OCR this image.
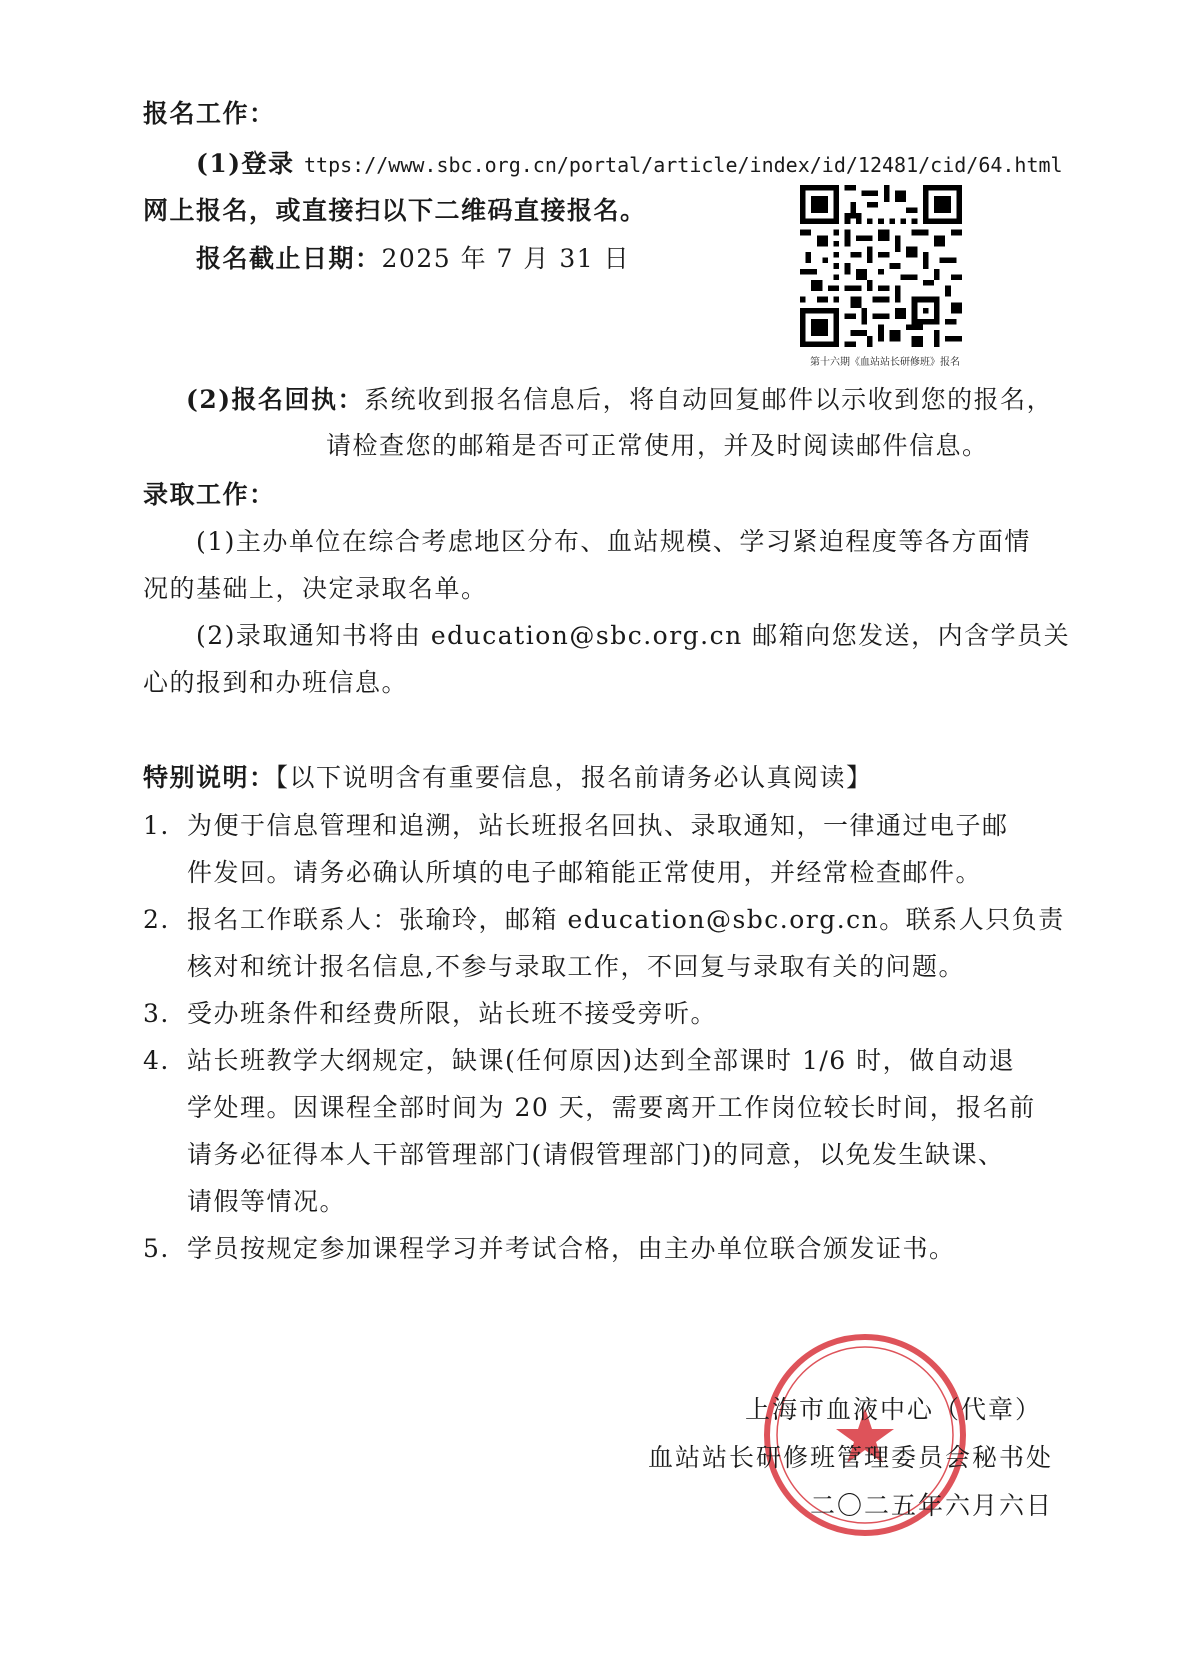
报名工作：
(1)登录 ttps://www.sbc.org.cn/portal/article/index/id/12481/cid/64.html
网上报名，或直接扫以下二维码直接报名。
报名截止日期：2025 年 7 月 31 日
第十六期《血站站长研修班》报名
(2)报名回执：系统收到报名信息后，将自动回复邮件以示收到您的报名，
请检查您的邮箱是否可正常使用，并及时阅读邮件信息。
录取工作：
(1)主办单位在综合考虑地区分布、血站规模、学习紧迫程度等各方面情
况的基础上，决定录取名单。
(2)录取通知书将由 education@sbc.org.cn 邮箱向您发送，内含学员关
心的报到和办班信息。
特别说明：【以下说明含有重要信息，报名前请务必认真阅读】
1. 为便于信息管理和追溯，站长班报名回执、录取通知，一律通过电子邮
件发回。请务必确认所填的电子邮箱能正常使用，并经常检查邮件。
2. 报名工作联系人：张瑜玲，邮箱 education@sbc.org.cn。联系人只负责
核对和统计报名信息,不参与录取工作，不回复与录取有关的问题。
3. 受办班条件和经费所限，站长班不接受旁听。
4. 站长班教学大纲规定，缺课(任何原因)达到全部课时 1/6 时，做自动退
学处理。因课程全部时间为 20 天，需要离开工作岗位较长时间，报名前
请务必征得本人干部管理部门(请假管理部门)的同意，以免发生缺课、
请假等情况。
5. 学员按规定参加课程学习并考试合格，由主办单位联合颁发证书。
上海市血液中心（代章）
血站站长研修班管理委员会秘书处
二〇二五年六月六日
